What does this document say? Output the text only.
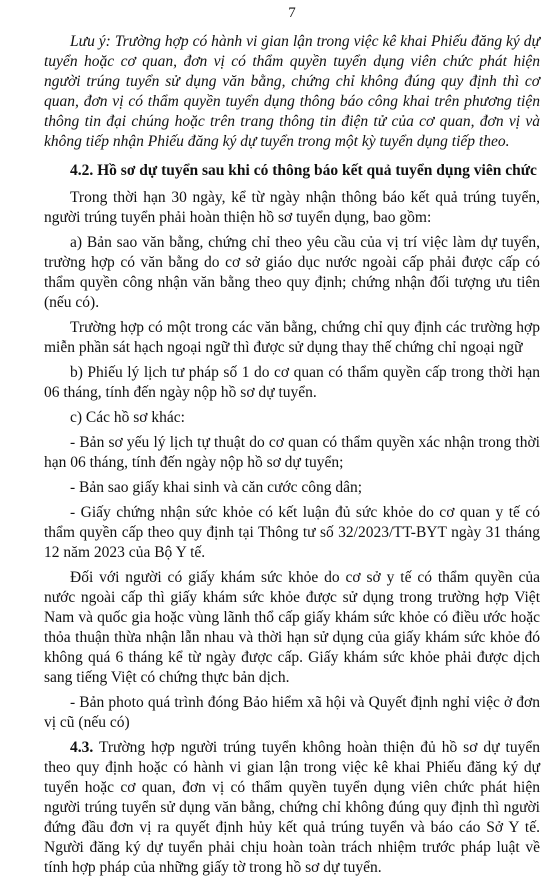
7

Lưu ý: Trường hợp có hành vi gian lận trong việc kê khai Phiếu đăng ký dự tuyển hoặc cơ quan, đơn vị có thẩm quyền tuyển dụng viên chức phát hiện người trúng tuyển sử dụng văn bằng, chứng chỉ không đúng quy định thì cơ quan, đơn vị có thẩm quyền tuyển dụng thông báo công khai trên phương tiện thông tin đại chúng hoặc trên trang thông tin điện tử của cơ quan, đơn vị và không tiếp nhận Phiếu đăng ký dự tuyển trong một kỳ tuyển dụng tiếp theo.

4.2. Hồ sơ dự tuyển sau khi có thông báo kết quả tuyển dụng viên chức

Trong thời hạn 30 ngày, kể từ ngày nhận thông báo kết quả trúng tuyển, người trúng tuyển phải hoàn thiện hồ sơ tuyển dụng, bao gồm:

a) Bản sao văn bằng, chứng chỉ theo yêu cầu của vị trí việc làm dự tuyển, trường hợp có văn bằng do cơ sở giáo dục nước ngoài cấp phải được cấp có thẩm quyền công nhận văn bằng theo quy định; chứng nhận đối tượng ưu tiên (nếu có).

Trường hợp có một trong các văn bằng, chứng chỉ quy định các trường hợp miễn phần sát hạch ngoại ngữ thì được sử dụng thay thế chứng chỉ ngoại ngữ

b) Phiếu lý lịch tư pháp số 1 do cơ quan có thẩm quyền cấp trong thời hạn 06 tháng, tính đến ngày nộp hồ sơ dự tuyển.

c) Các hồ sơ khác:

- Bản sơ yếu lý lịch tự thuật do cơ quan có thẩm quyền xác nhận trong thời hạn 06 tháng, tính đến ngày nộp hồ sơ dự tuyển;

- Bản sao giấy khai sinh và căn cước công dân;

- Giấy chứng nhận sức khỏe có kết luận đủ sức khỏe do cơ quan y tế có thẩm quyền cấp theo quy định tại Thông tư số 32/2023/TT-BYT ngày 31 tháng 12 năm 2023 của Bộ Y tế.

Đối với người có giấy khám sức khỏe do cơ sở y tế có thẩm quyền của nước ngoài cấp thì giấy khám sức khỏe được sử dụng trong trường hợp Việt Nam và quốc gia hoặc vùng lãnh thổ cấp giấy khám sức khỏe có điều ước hoặc thỏa thuận thừa nhận lẫn nhau và thời hạn sử dụng của giấy khám sức khỏe đó không quá 6 tháng kể từ ngày được cấp. Giấy khám sức khỏe phải được dịch sang tiếng Việt có chứng thực bản dịch.

- Bản photo quá trình đóng Bảo hiểm xã hội và Quyết định nghỉ việc ở đơn vị cũ (nếu có)

4.3. Trường hợp người trúng tuyển không hoàn thiện đủ hồ sơ dự tuyển theo quy định hoặc có hành vi gian lận trong việc kê khai Phiếu đăng ký dự tuyển hoặc cơ quan, đơn vị có thẩm quyền tuyển dụng viên chức phát hiện người trúng tuyển sử dụng văn bằng, chứng chỉ không đúng quy định thì người đứng đầu đơn vị ra quyết định hủy kết quả trúng tuyển và báo cáo Sở Y tế. Người đăng ký dự tuyển phải chịu hoàn toàn trách nhiệm trước pháp luật về tính hợp pháp của những giấy tờ trong hồ sơ dự tuyển.
